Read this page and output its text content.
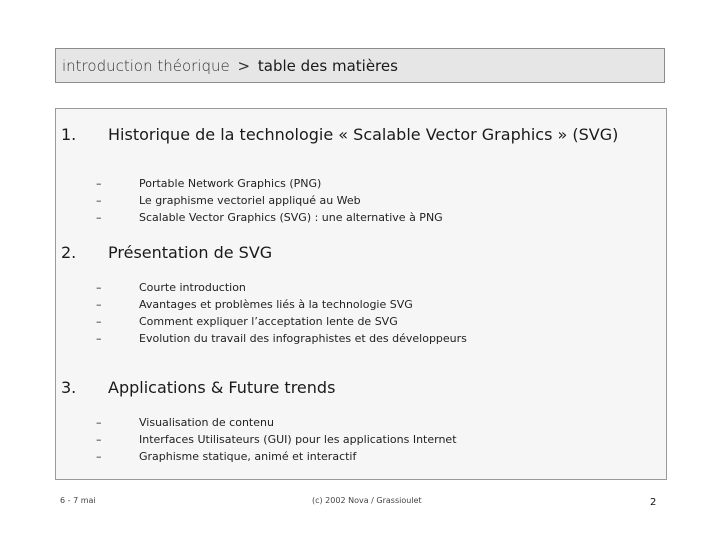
introduction théorique > table des matières
1. Historique de la technologie « Scalable Vector Graphics » (SVG)
–	Portable Network Graphics (PNG)
–	Le graphisme vectoriel appliqué au Web
–	Scalable Vector Graphics (SVG) : une alternative à PNG
2. Présentation de SVG
–	Courte introduction
–	Avantages et problèmes liés à la technologie SVG
–	Comment expliquer l’acceptation lente de SVG
–	Evolution du travail des infographistes et des développeurs
3. Applications & Future trends
–	Visualisation de contenu
–	Interfaces Utilisateurs (GUI) pour les applications Internet
–	Graphisme statique, animé et interactif
6 - 7 mai	(c) 2002 Nova / Grassioulet	2
